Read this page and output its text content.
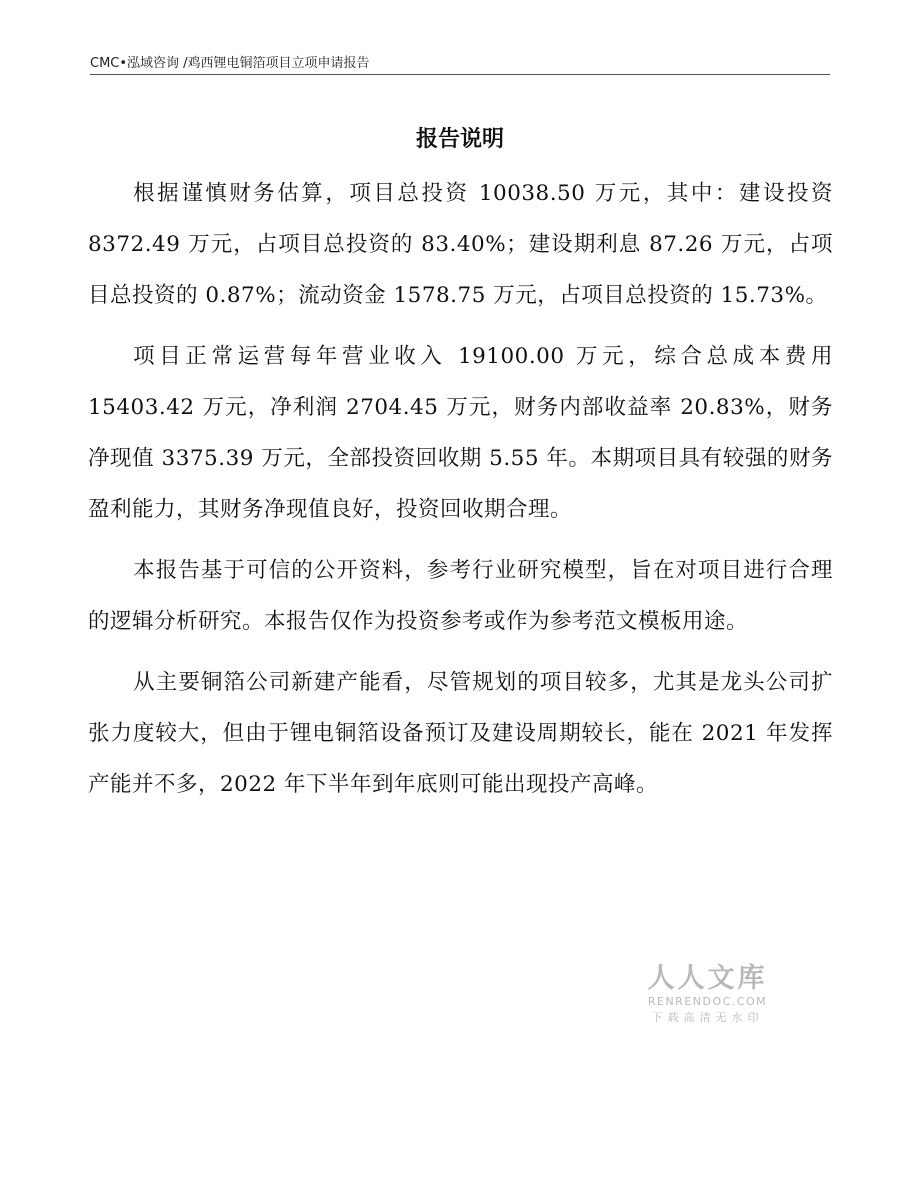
CMC•泓域咨询 /鸡西锂电铜箔项目立项申请报告
报告说明

根据谨慎财务估算，项目总投资 10038.50 万元，其中：建设投资 8372.49 万元，占项目总投资的 83.40%；建设期利息 87.26 万元，占项目总投资的 0.87%；流动资金 1578.75 万元，占项目总投资的 15.73%。

项目正常运营每年营业收入 19100.00 万元，综合总成本费用 15403.42 万元，净利润 2704.45 万元，财务内部收益率 20.83%，财务净现值 3375.39 万元，全部投资回收期 5.55 年。本期项目具有较强的财务盈利能力，其财务净现值良好，投资回收期合理。

本报告基于可信的公开资料，参考行业研究模型，旨在对项目进行合理的逻辑分析研究。本报告仅作为投资参考或作为参考范文模板用途。

从主要铜箔公司新建产能看，尽管规划的项目较多，尤其是龙头公司扩张力度较大，但由于锂电铜箔设备预订及建设周期较长，能在 2021 年发挥产能并不多，2022 年下半年到年底则可能出现投产高峰。

人人文库
RENRENDOC.COM
下载高清无水印
